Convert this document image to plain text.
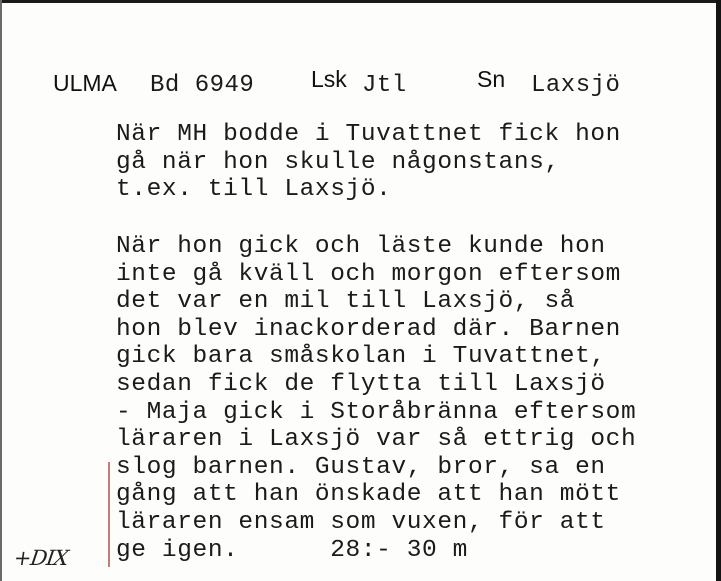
ULMA Bd 6949 Lsk Jtl	Sn Laxsjö
När MH bodde i Tuvattnet fick hon
gå när hon skulle någonstans,
t.ex. till Laxsjö.
När hon gick och läste kunde hon
inte gå kväll och morgon eftersom
det var en mil till Laxsjö, så
hon blev inackorderad där. Barnen
gick bara småskolan i Tuvattnet,
sedan fick de flytta till Laxsjö
- Maja gick i Storåbränna eftersom
läraren i Laxsjö var så ettrig och
slog barnen. Gustav, bror, sa en
gång att han önskade att han mött
läraren ensam som vuxen, för att
ge igen.      28:- 30 m
+DIX
